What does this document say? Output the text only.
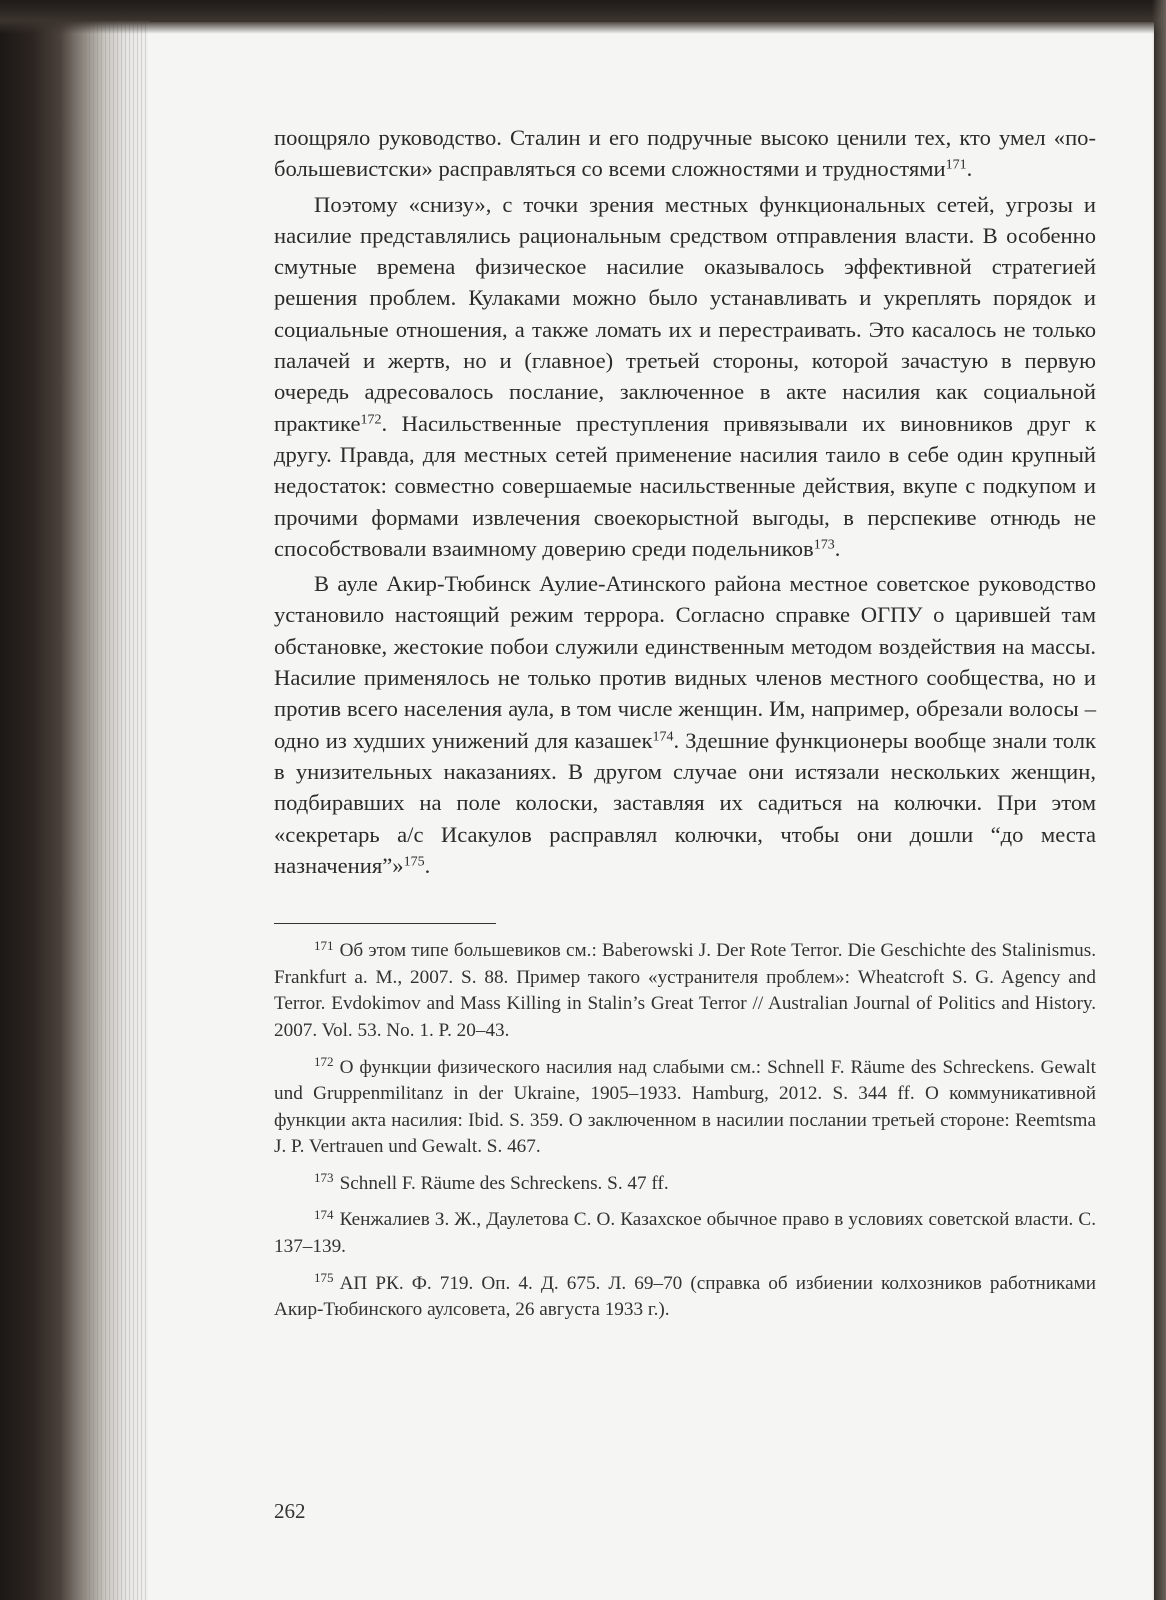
поощряло руководство. Сталин и его подручные высоко ценили тех, кто умел «по-большевистски» расправляться со всеми сложностями и трудностями$^{171}$.

Поэтому «снизу», с точки зрения местных функциональных сетей, угрозы и насилие представлялись рациональным средством отправления власти. В особенно смутные времена физическое насилие оказывалось эффективной стратегией решения проблем. Кулаками можно было устанавливать и укреплять порядок и социальные отношения, а также ломать их и перестраивать. Это касалось не только палачей и жертв, но и (главное) третьей стороны, которой зачастую в первую очередь адресовалось послание, заключенное в акте насилия как социальной практике$^{172}$. Насильственные преступления привязывали их виновников друг к другу. Правда, для местных сетей применение насилия таило в себе один крупный недостаток: совместно совершаемые насильственные действия, вкупе с подкупом и прочими формами извлечения своекорыстной выгоды, в перспекиве отнюдь не способствовали взаимному доверию среди подельников$^{173}$.

В ауле Акир-Тюбинск Аулие-Атинского района местное советское руководство установило настоящий режим террора. Согласно справке ОГПУ о царившей там обстановке, жестокие побои служили единственным методом воздействия на массы. Насилие применялось не только против видных членов местного сообщества, но и против всего населения аула, в том числе женщин. Им, например, обрезали волосы – одно из худших унижений для казашек$^{174}$. Здешние функционеры вообще знали толк в унизительных наказаниях. В другом случае они истязали нескольких женщин, подбиравших на поле колоски, заставляя их садиться на колючки. При этом «секретарь а/с Исакулов расправлял колючки, чтобы они дошли “до места назначения”»$^{175}$.

$^{171}$ Об этом типе большевиков см.: Baberowski J. Der Rote Terror. Die Geschichte des Stalinismus. Frankfurt a. M., 2007. S. 88. Пример такого «устранителя проблем»: Wheatcroft S. G. Agency and Terror. Evdokimov and Mass Killing in Stalin’s Great Terror // Australian Journal of Politics and History. 2007. Vol. 53. No. 1. P. 20–43.

$^{172}$ О функции физического насилия над слабыми см.: Schnell F. Räume des Schreckens. Gewalt und Gruppenmilitanz in der Ukraine, 1905–1933. Hamburg, 2012. S. 344 ff. О коммуникативной функции акта насилия: Ibid. S. 359. О заключенном в насилии послании третьей стороне: Reemtsma J. P. Vertrauen und Gewalt. S. 467.

$^{173}$ Schnell F. Räume des Schreckens. S. 47 ff.

$^{174}$ Кенжалиев З. Ж., Даулетова С. О. Казахское обычное право в условиях советской власти. С. 137–139.

$^{175}$ АП РК. Ф. 719. Оп. 4. Д. 675. Л. 69–70 (справка об избиении колхозников работниками Акир-Тюбинского аулсовета, 26 августа 1933 г.).

262
